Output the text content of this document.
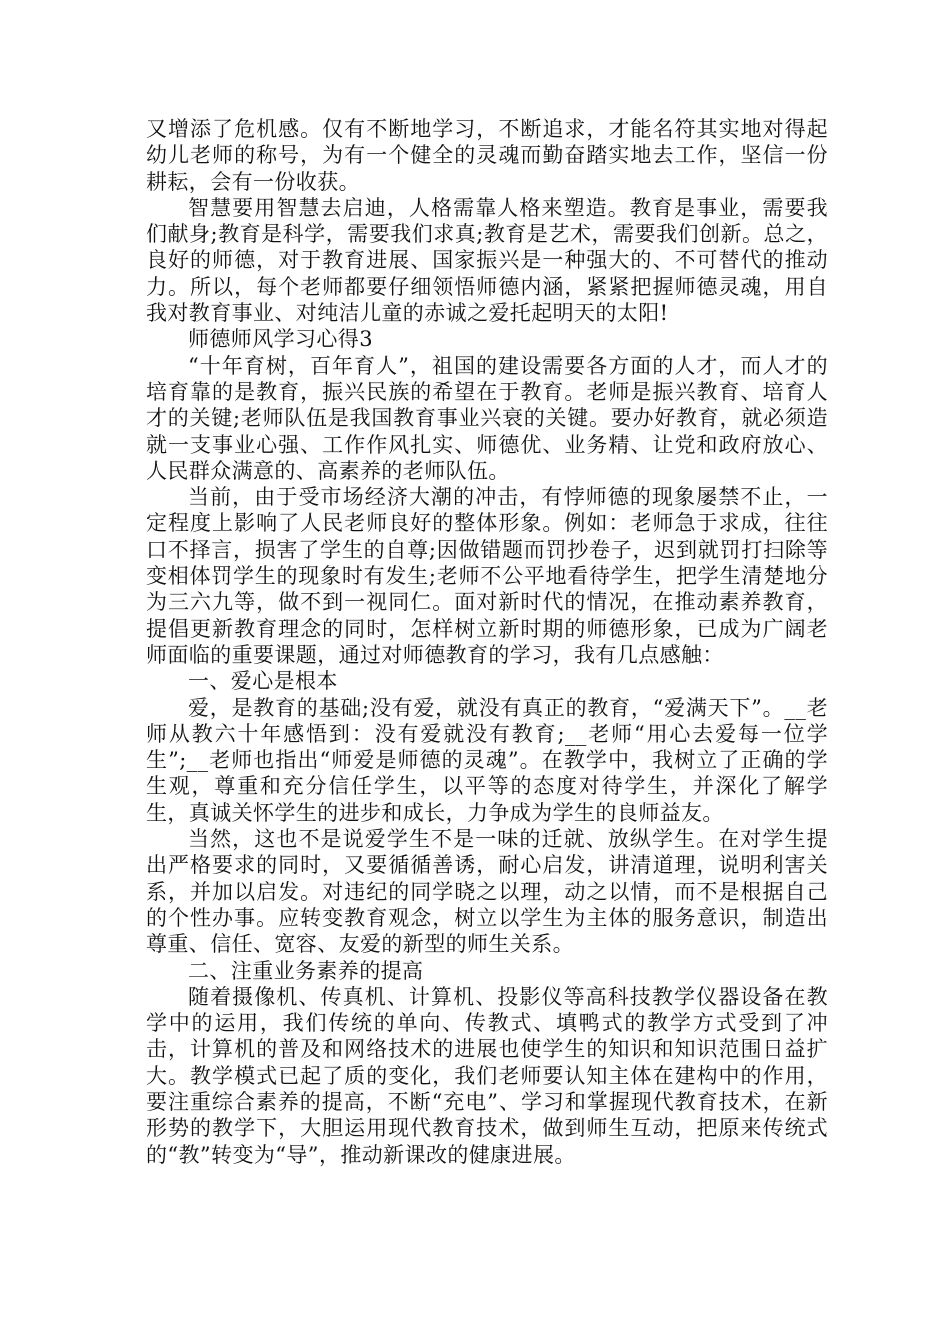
又增添了危机感。仅有不断地学习，不断追求，才能名符其实地对得起幼儿老师的称号，为有一个健全的灵魂而勤奋踏实地去工作，坚信一份耕耘，会有一份收获。

智慧要用智慧去启迪，人格需靠人格来塑造。教育是事业，需要我们献身;教育是科学，需要我们求真;教育是艺术，需要我们创新。总之，良好的师德，对于教育进展、国家振兴是一种强大的、不可替代的推动力。所以，每个老师都要仔细领悟师德内涵，紧紧把握师德灵魂，用自我对教育事业、对纯洁儿童的赤诚之爱托起明天的太阳!

师德师风学习心得3

“十年育树，百年育人”，祖国的建设需要各方面的人才，而人才的培育靠的是教育，振兴民族的希望在于教育。老师是振兴教育、培育人才的关键;老师队伍是我国教育事业兴衰的关键。要办好教育，就必须造就一支事业心强、工作作风扎实、师德优、业务精、让党和政府放心、人民群众满意的、高素养的老师队伍。

当前，由于受市场经济大潮的冲击，有悖师德的现象屡禁不止，一定程度上影响了人民老师良好的整体形象。例如：老师急于求成，往往口不择言，损害了学生的自尊;因做错题而罚抄卷子，迟到就罚打扫除等变相体罚学生的现象时有发生;老师不公平地看待学生，把学生清楚地分为三六九等，做不到一视同仁。面对新时代的情况，在推动素养教育，提倡更新教育理念的同时，怎样树立新时期的师德形象，已成为广阔老师面临的重要课题，通过对师德教育的学习，我有几点感触：

一、爱心是根本

爱，是教育的基础;没有爱，就没有真正的教育，“爱满天下”。__老师从教六十年感悟到：没有爱就没有教育;__老师“用心去爱每一位学生”;__老师也指出“师爱是师德的灵魂”。在教学中，我树立了正确的学生观，尊重和充分信任学生，以平等的态度对待学生，并深化了解学生，真诚关怀学生的进步和成长，力争成为学生的良师益友。

当然，这也不是说爱学生不是一味的迁就、放纵学生。在对学生提出严格要求的同时，又要循循善诱，耐心启发，讲清道理，说明利害关系，并加以启发。对违纪的同学晓之以理，动之以情，而不是根据自己的个性办事。应转变教育观念，树立以学生为主体的服务意识，制造出尊重、信任、宽容、友爱的新型的师生关系。

二、注重业务素养的提高

随着摄像机、传真机、计算机、投影仪等高科技教学仪器设备在教学中的运用，我们传统的单向、传教式、填鸭式的教学方式受到了冲击，计算机的普及和网络技术的进展也使学生的知识和知识范围日益扩大。教学模式已起了质的变化，我们老师要认知主体在建构中的作用，要注重综合素养的提高，不断“充电”、学习和掌握现代教育技术，在新形势的教学下，大胆运用现代教育技术，做到师生互动，把原来传统式的“教”转变为“导”，推动新课改的健康进展。
